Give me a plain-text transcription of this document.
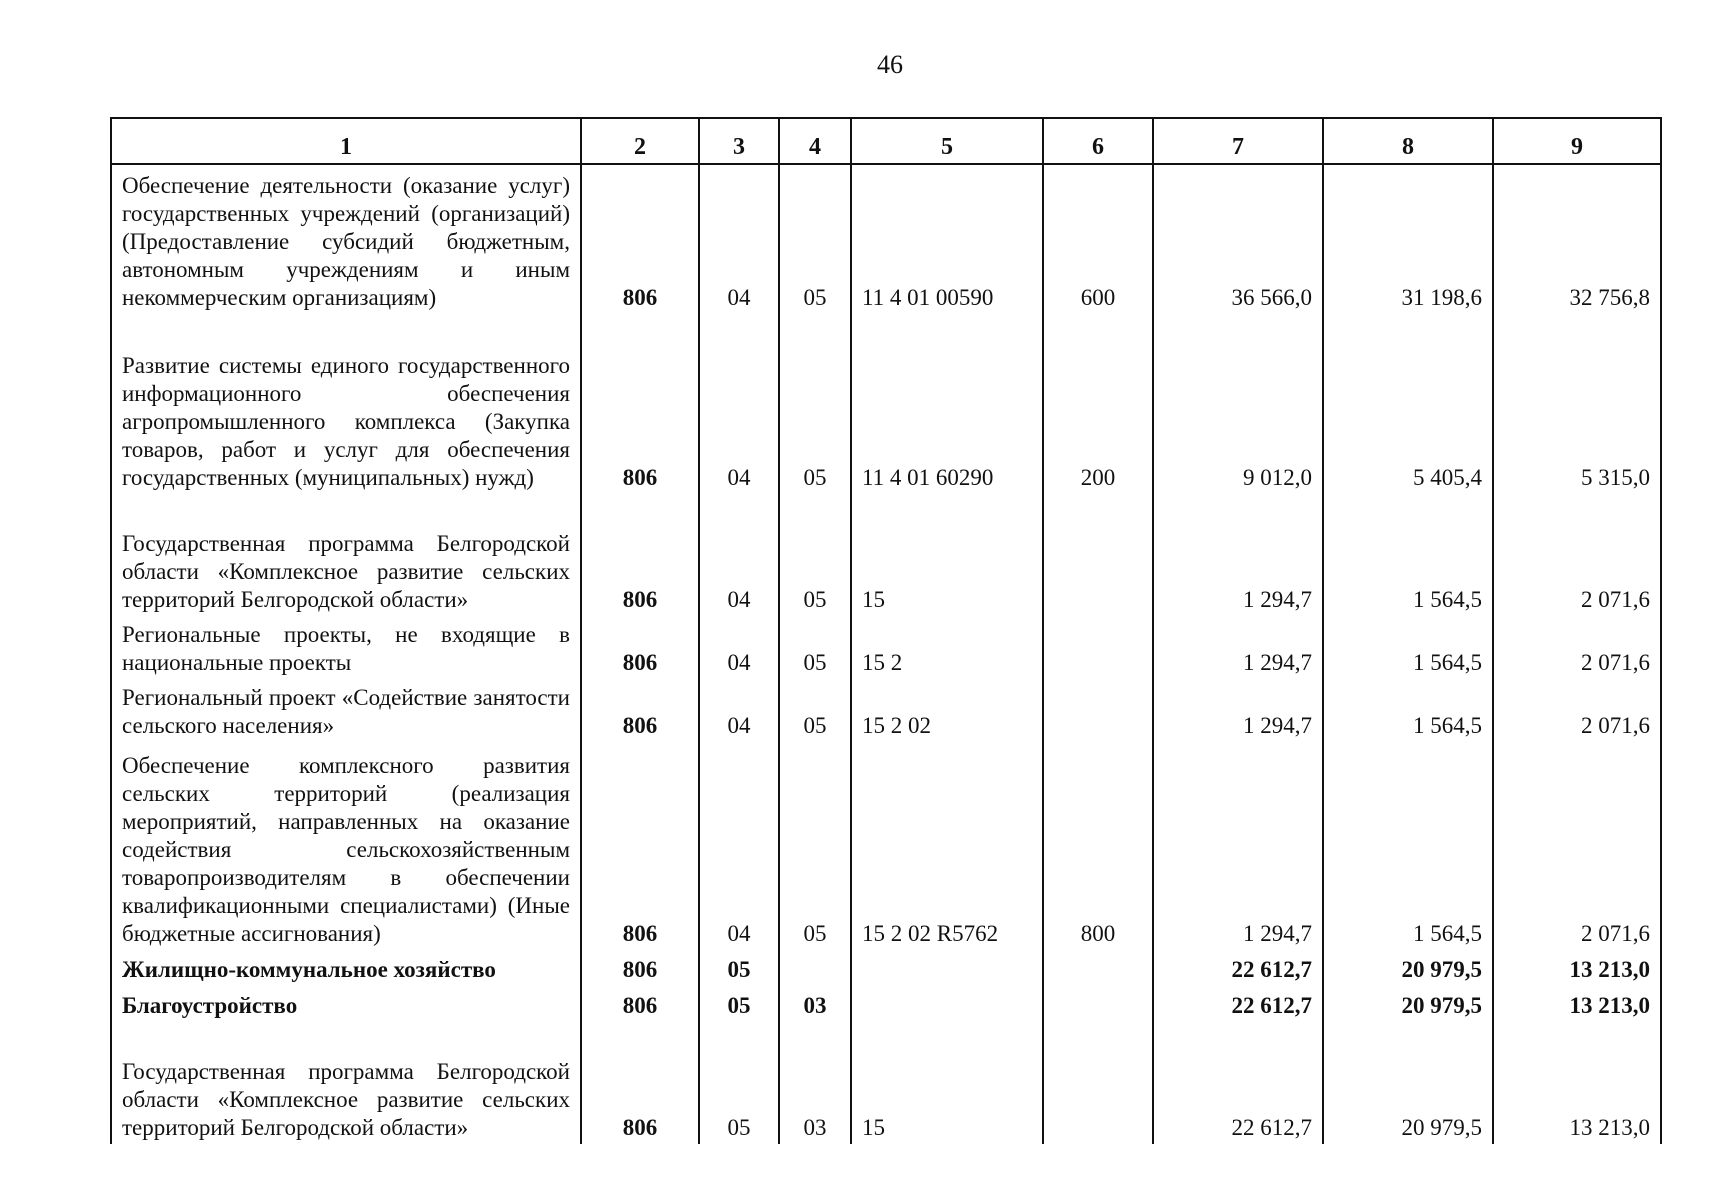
46
1	2	3	4	5	6	7	8	9
Обеспечение деятельности (оказание услуг) государственных учреждений (организаций) (Предоставление субсидий бюджетным, автономным учреждениям и иным некоммерческим организациям)	806	04	05	11 4 01 00590	600	36 566,0	31 198,6	32 756,8
Развитие системы единого государственного информационного обеспечения агропромышленного комплекса (Закупка товаров, работ и услуг для обеспечения государственных (муниципальных) нужд)	806	04	05	11 4 01 60290	200	9 012,0	5 405,4	5 315,0
Государственная программа Белгородской области «Комплексное развитие сельских территорий Белгородской области»	806	04	05	15		1 294,7	1 564,5	2 071,6
Региональные проекты, не входящие в национальные проекты	806	04	05	15 2		1 294,7	1 564,5	2 071,6
Региональный проект «Содействие занятости сельского населения»	806	04	05	15 2 02		1 294,7	1 564,5	2 071,6
Обеспечение комплексного развития сельских территорий (реализация мероприятий, направленных на оказание содействия сельскохозяйственным товаропроизводителям в обеспечении квалификационными специалистами) (Иные бюджетные ассигнования)	806	04	05	15 2 02 R5762	800	1 294,7	1 564,5	2 071,6
Жилищно-коммунальное хозяйство	806	05				22 612,7	20 979,5	13 213,0
Благоустройство	806	05	03			22 612,7	20 979,5	13 213,0
Государственная программа Белгородской области «Комплексное развитие сельских территорий Белгородской области»	806	05	03	15		22 612,7	20 979,5	13 213,0
